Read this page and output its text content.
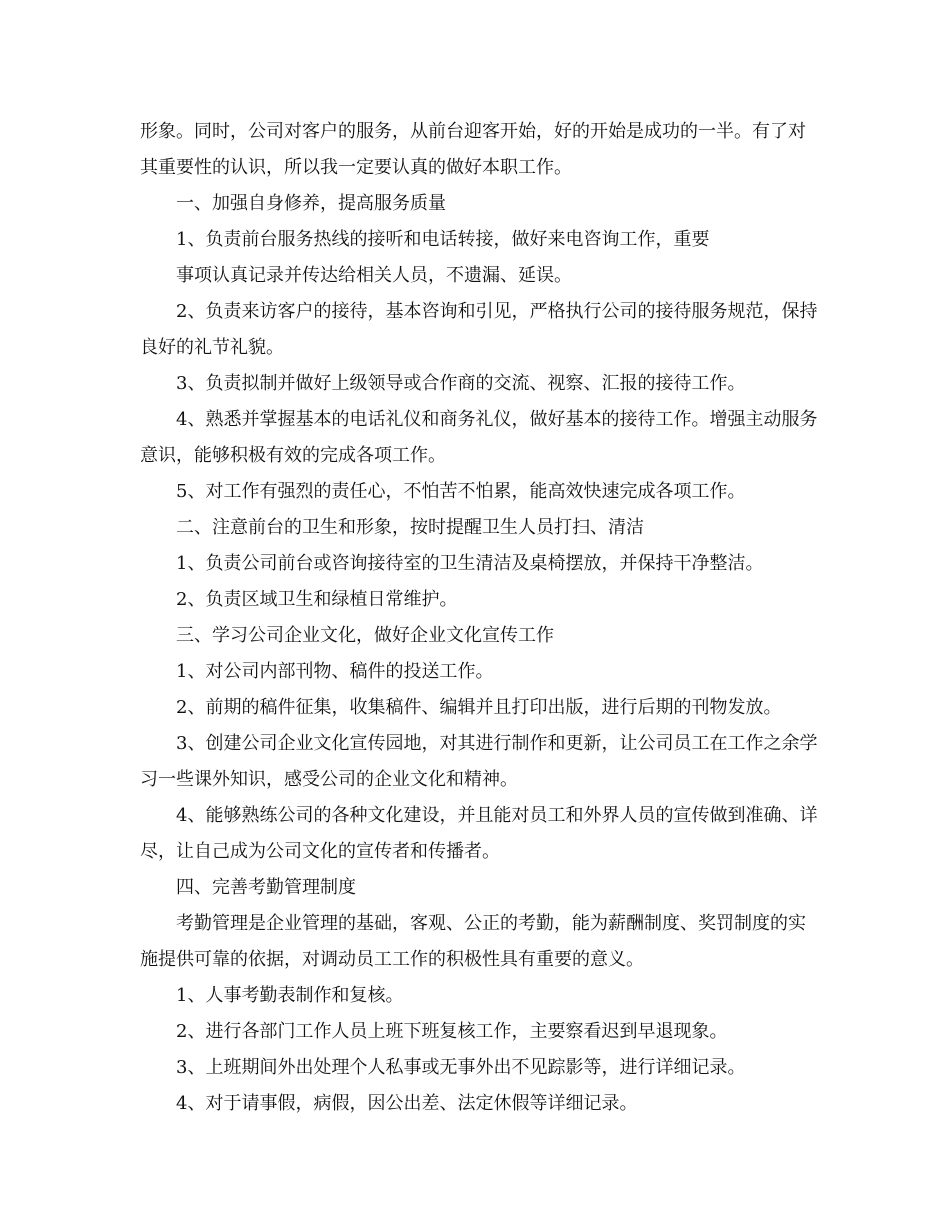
形象。同时，公司对客户的服务，从前台迎客开始，好的开始是成功的一半。有了对其重要性的认识，所以我一定要认真的做好本职工作。

一、加强自身修养，提高服务质量

1、负责前台服务热线的接听和电话转接，做好来电咨询工作，重要

事项认真记录并传达给相关人员，不遗漏、延误。

2、负责来访客户的接待，基本咨询和引见，严格执行公司的接待服务规范，保持良好的礼节礼貌。

3、负责拟制并做好上级领导或合作商的交流、视察、汇报的接待工作。

4、熟悉并掌握基本的电话礼仪和商务礼仪，做好基本的接待工作。增强主动服务意识，能够积极有效的完成各项工作。

5、对工作有强烈的责任心，不怕苦不怕累，能高效快速完成各项工作。

二、注意前台的卫生和形象，按时提醒卫生人员打扫、清洁

1、负责公司前台或咨询接待室的卫生清洁及桌椅摆放，并保持干净整洁。

2、负责区域卫生和绿植日常维护。

三、学习公司企业文化，做好企业文化宣传工作

1、对公司内部刊物、稿件的投送工作。

2、前期的稿件征集，收集稿件、编辑并且打印出版，进行后期的刊物发放。

3、创建公司企业文化宣传园地，对其进行制作和更新，让公司员工在工作之余学习一些课外知识，感受公司的企业文化和精神。

4、能够熟练公司的各种文化建设，并且能对员工和外界人员的宣传做到准确、详尽，让自己成为公司文化的宣传者和传播者。

四、完善考勤管理制度

考勤管理是企业管理的基础，客观、公正的考勤，能为薪酬制度、奖罚制度的实施提供可靠的依据，对调动员工工作的积极性具有重要的意义。

1、人事考勤表制作和复核。

2、进行各部门工作人员上班下班复核工作，主要察看迟到早退现象。

3、上班期间外出处理个人私事或无事外出不见踪影等，进行详细记录。

4、对于请事假，病假，因公出差、法定休假等详细记录。
